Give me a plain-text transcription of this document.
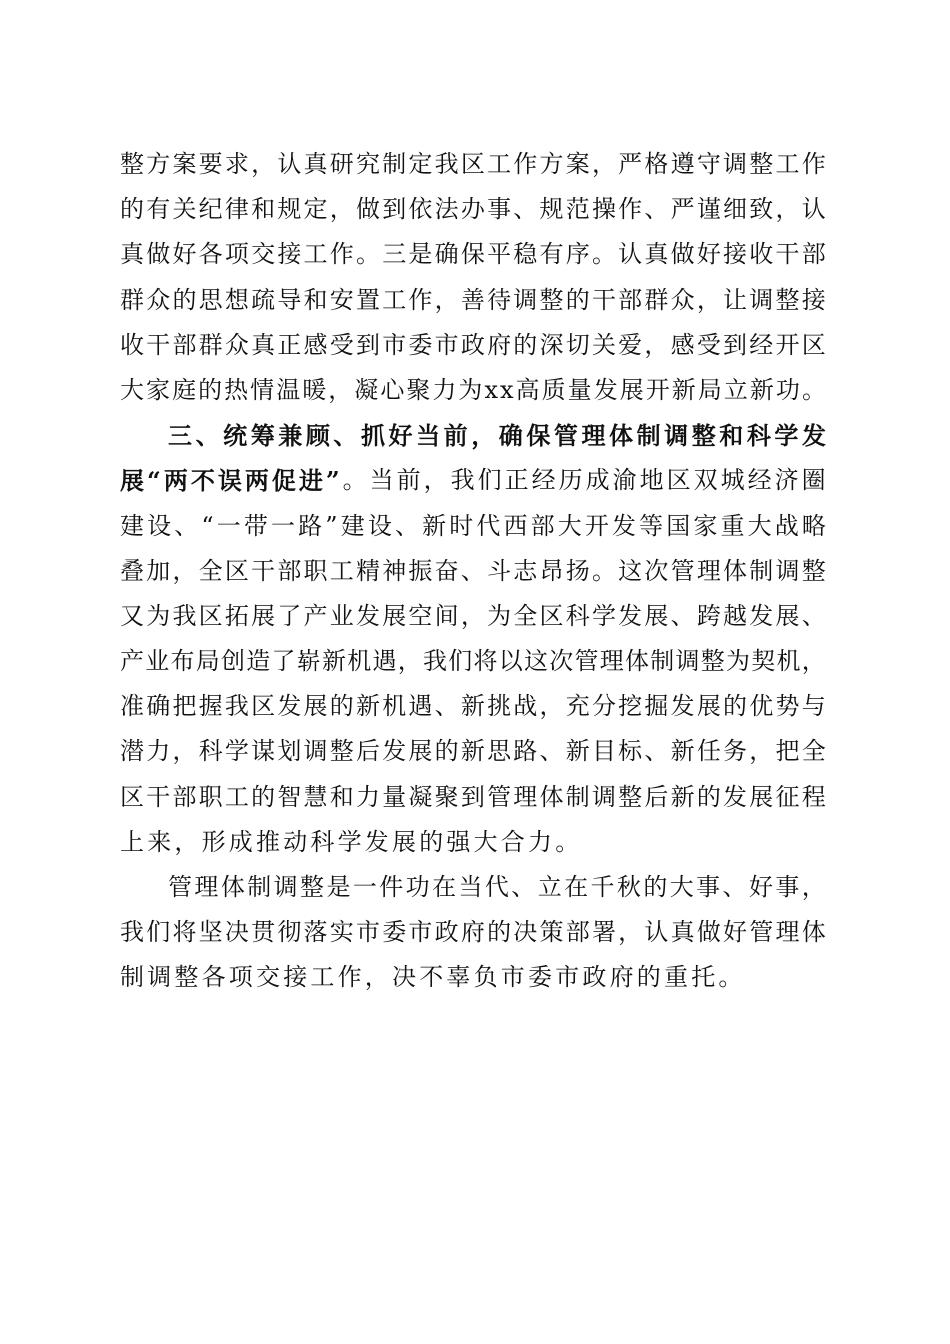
整 方 案 要 求 ， 认 真 研 究 制 定 我 区 工 作 方 案 ， 严 格 遵 守 调 整 工 作
的 有 关 纪 律 和 规 定 ， 做 到 依 法 办 事 、 规 范 操 作 、 严 谨 细 致 ， 认
真 做 好 各 项 交 接 工 作 。 三 是 确 保 平 稳 有 序 。 认 真 做 好 接 收 干 部
群 众 的 思 想 疏 导 和 安 置 工 作 ， 善 待 调 整 的 干 部 群 众 ， 让 调 整 接
收 干 部 群 众 真 正 感 受 到 市 委 市 政 府 的 深 切 关 爱 ， 感 受 到 经 开 区
大 家 庭 的 热 情 温 暖 ， 凝 心 聚 力 为 x x 高 质 量 发 展 开 新 局 立 新 功 。
三 、 统 筹 兼 顾 、 抓 好 当 前 ， 确 保 管 理 体 制 调 整 和 科 学 发
展 “ 两 不 误 两 促 进 ” 。 当 前 ， 我 们 正 经 历 成 渝 地 区 双 城 经 济 圈
建 设 、 “ 一 带 一 路 ” 建 设 、 新 时 代 西 部 大 开 发 等 国 家 重 大 战 略
叠 加 ， 全 区 干 部 职 工 精 神 振 奋 、 斗 志 昂 扬 。 这 次 管 理 体 制 调 整
又 为 我 区 拓 展 了 产 业 发 展 空 间 ， 为 全 区 科 学 发 展 、 跨 越 发 展 、
产 业 布 局 创 造 了 崭 新 机 遇 ， 我 们 将 以 这 次 管 理 体 制 调 整 为 契 机 ，
准 确 把 握 我 区 发 展 的 新 机 遇 、 新 挑 战 ， 充 分 挖 掘 发 展 的 优 势 与
潜 力 ， 科 学 谋 划 调 整 后 发 展 的 新 思 路 、 新 目 标 、 新 任 务 ， 把 全
区 干 部 职 工 的 智 慧 和 力 量 凝 聚 到 管 理 体 制 调 整 后 新 的 发 展 征 程
上来，形成推动科学发展的强大合力。
管 理 体 制 调 整 是 一 件 功 在 当 代 、 立 在 千 秋 的 大 事 、 好 事 ，
我 们 将 坚 决 贯 彻 落 实 市 委 市 政 府 的 决 策 部 署 ， 认 真 做 好 管 理 体
制调整各项交接工作，决不辜负市委市政府的重托。
